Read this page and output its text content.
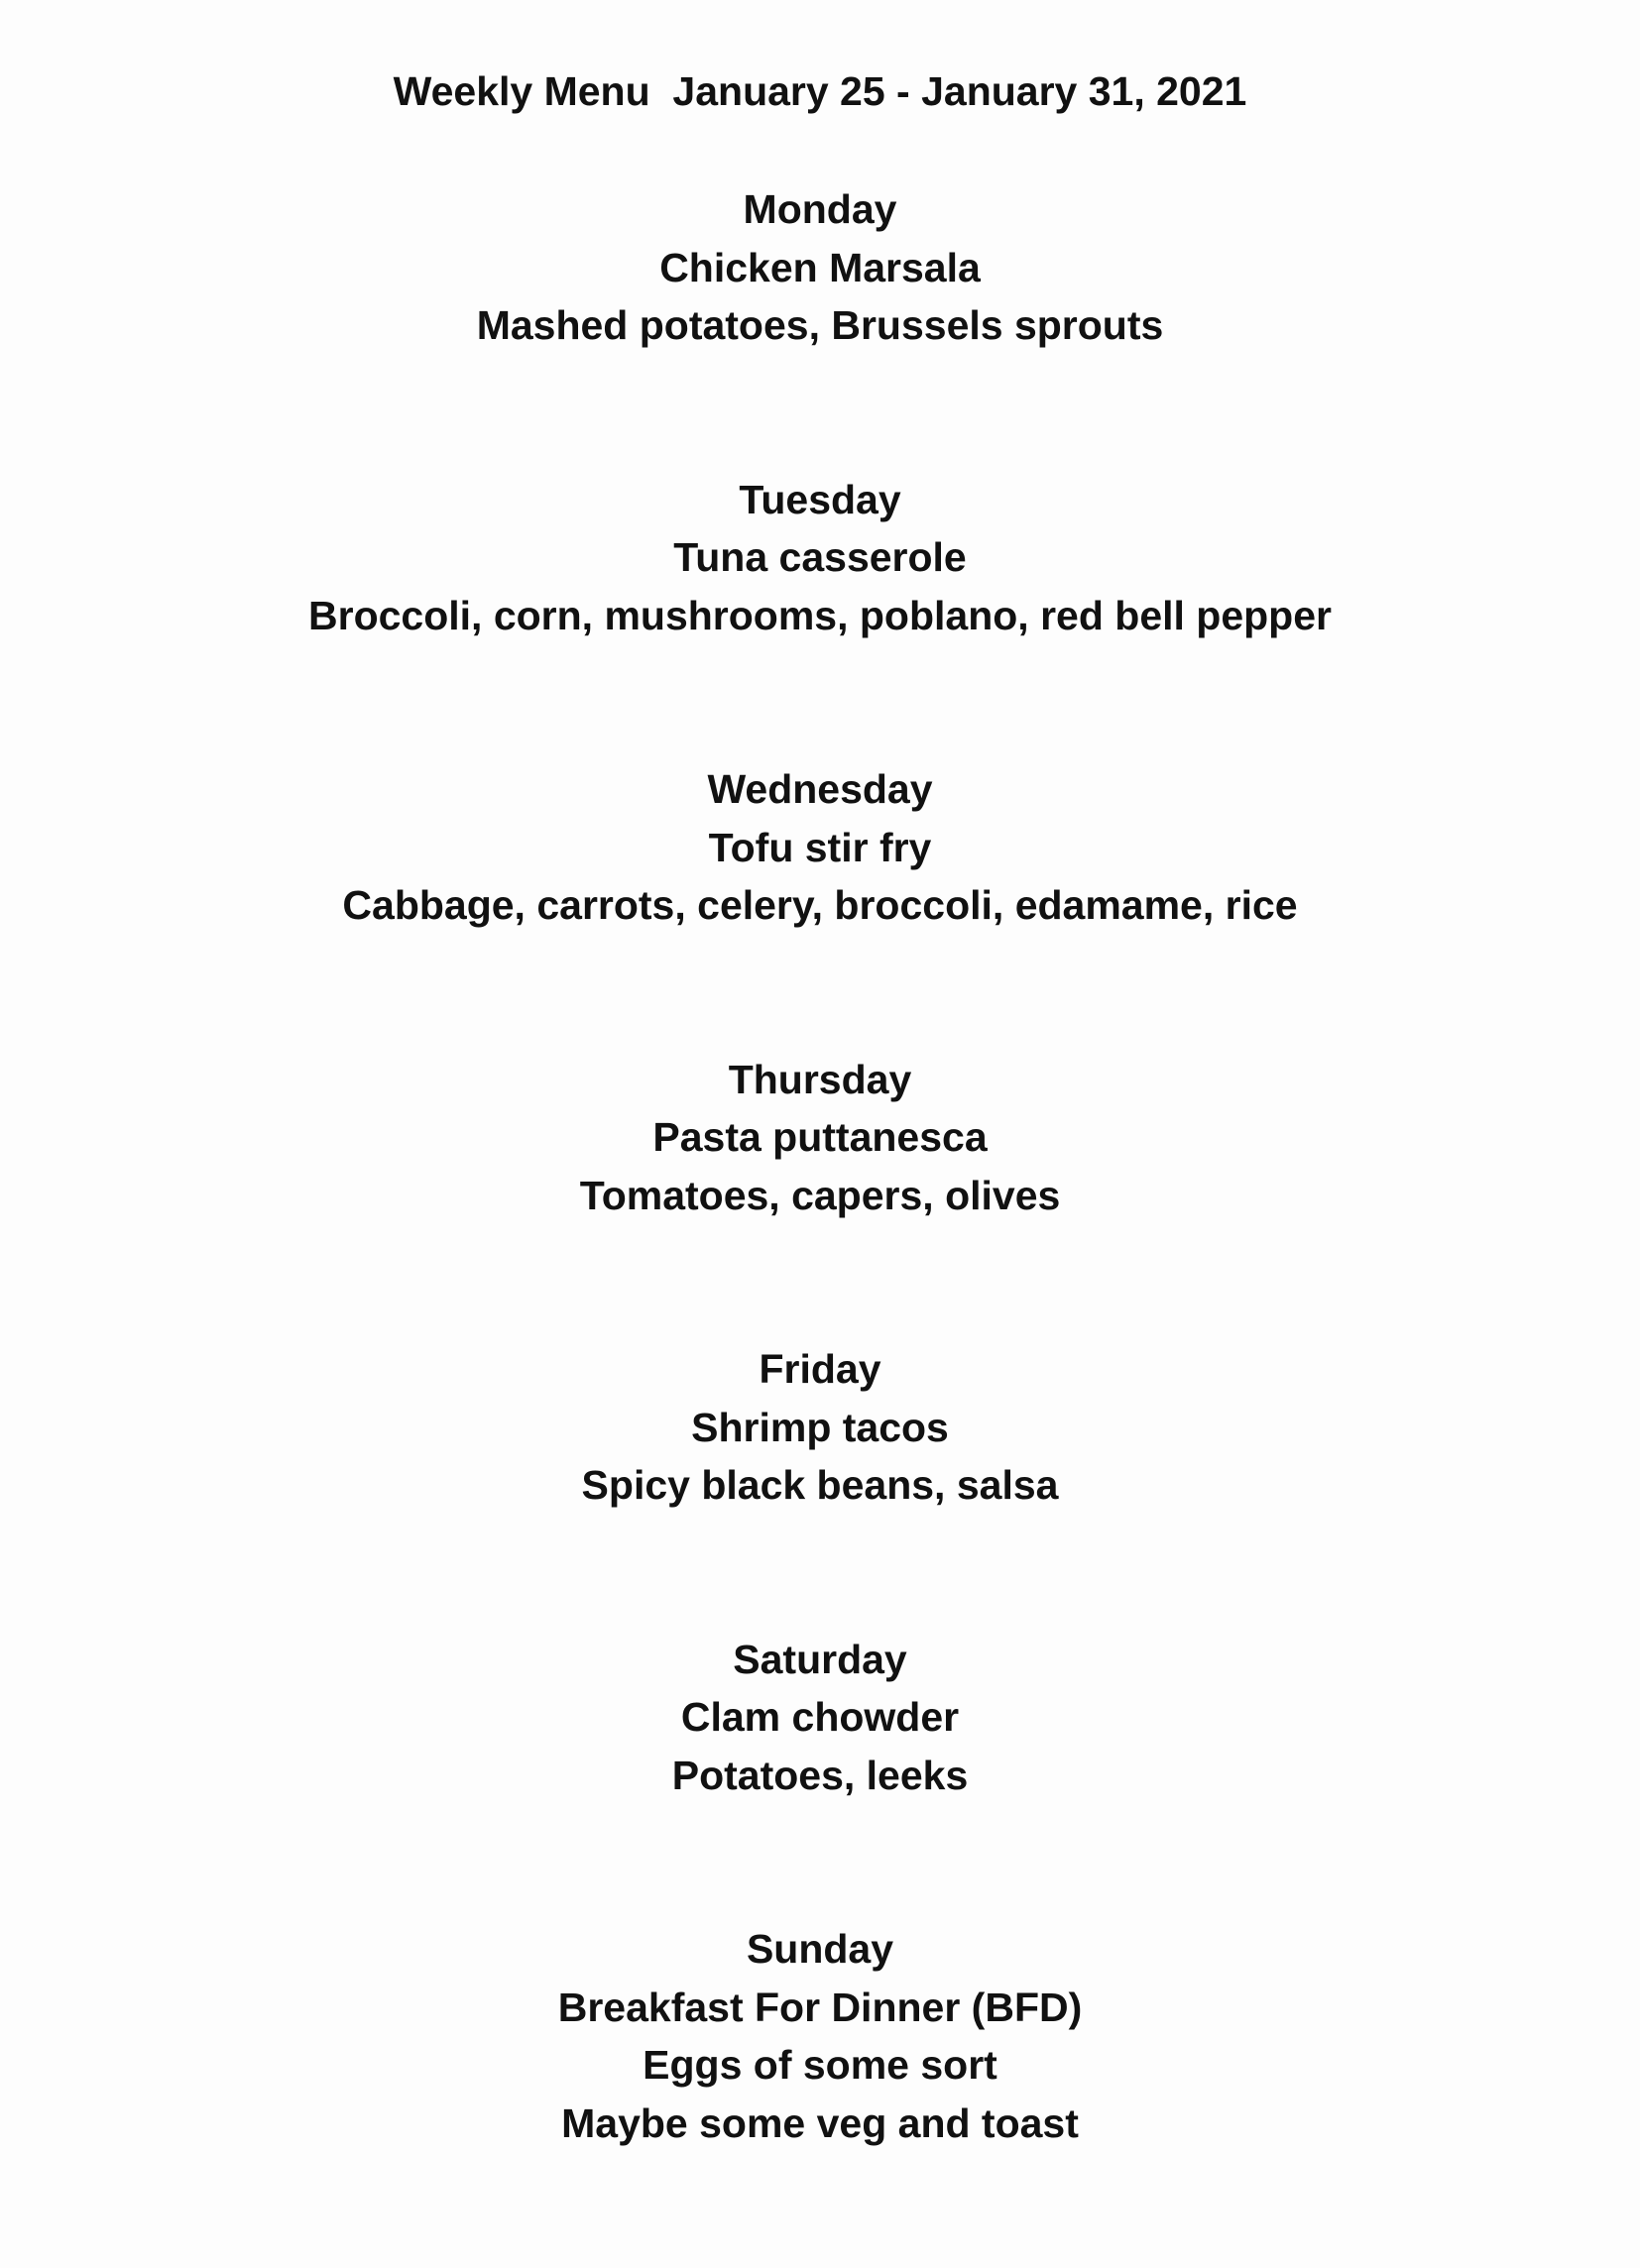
Weekly Menu  January 25 - January 31, 2021
Monday
Chicken Marsala
Mashed potatoes, Brussels sprouts
Tuesday
Tuna casserole
Broccoli, corn, mushrooms, poblano, red bell pepper
Wednesday
Tofu stir fry
Cabbage, carrots, celery, broccoli, edamame, rice
Thursday
Pasta puttanesca
Tomatoes, capers, olives
Friday
Shrimp tacos
Spicy black beans, salsa
Saturday
Clam chowder
Potatoes, leeks
Sunday
Breakfast For Dinner (BFD)
Eggs of some sort
Maybe some veg and toast
